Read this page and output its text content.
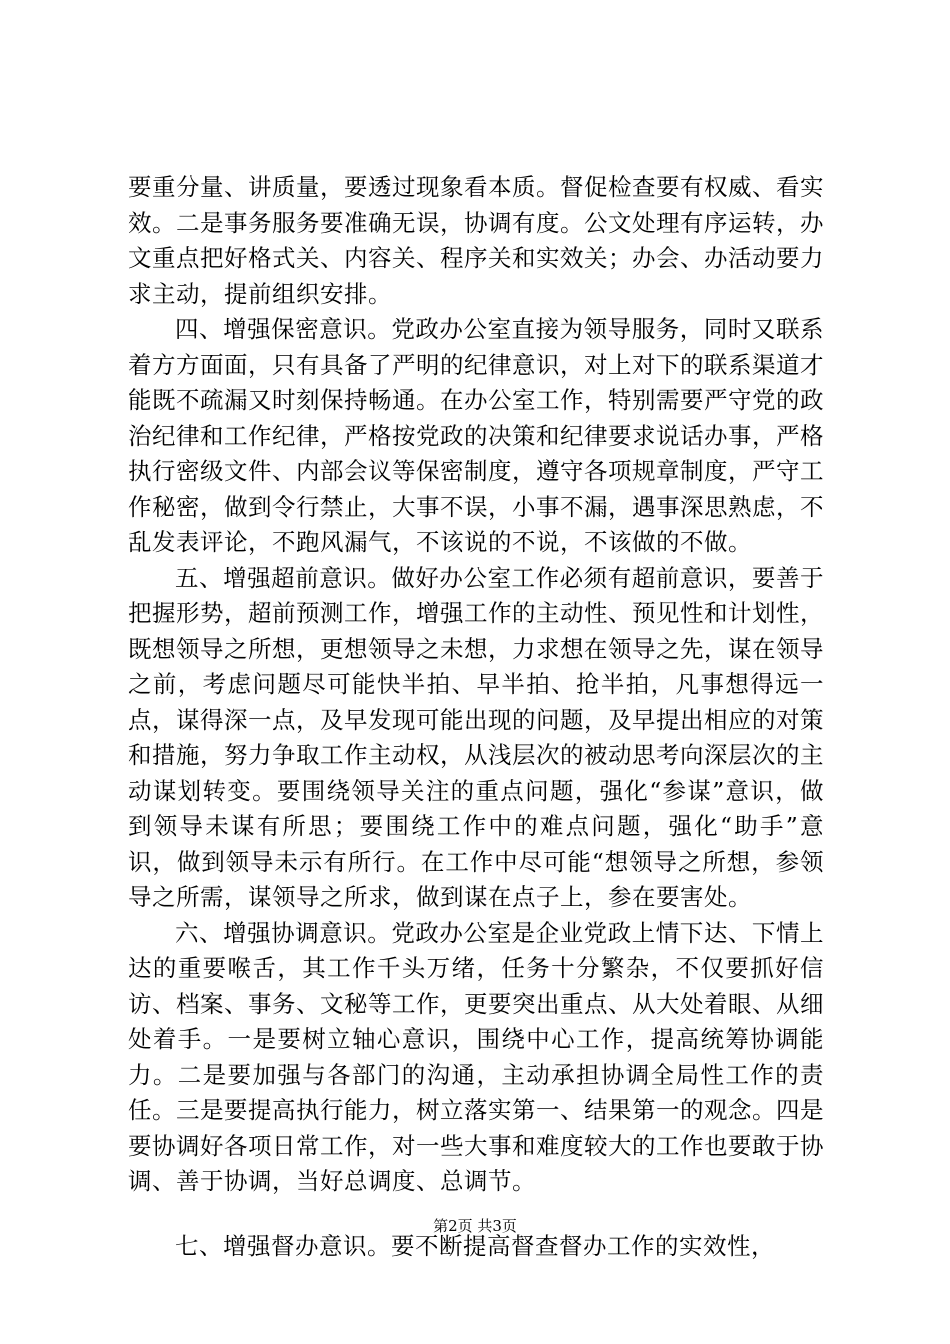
要重分量、讲质量，要透过现象看本质。督促检查要有权威、看实效。二是事务服务要准确无误，协调有度。公文处理有序运转，办文重点把好格式关、内容关、程序关和实效关；办会、办活动要力求主动，提前组织安排。

四、增强保密意识。党政办公室直接为领导服务，同时又联系着方方面面，只有具备了严明的纪律意识，对上对下的联系渠道才能既不疏漏又时刻保持畅通。在办公室工作，特别需要严守党的政治纪律和工作纪律，严格按党政的决策和纪律要求说话办事，严格执行密级文件、内部会议等保密制度，遵守各项规章制度，严守工作秘密，做到令行禁止，大事不误，小事不漏，遇事深思熟虑，不乱发表评论，不跑风漏气，不该说的不说，不该做的不做。

五、增强超前意识。做好办公室工作必须有超前意识，要善于把握形势，超前预测工作，增强工作的主动性、预见性和计划性，既想领导之所想，更想领导之未想，力求想在领导之先，谋在领导之前，考虑问题尽可能快半拍、早半拍、抢半拍，凡事想得远一点，谋得深一点，及早发现可能出现的问题，及早提出相应的对策和措施，努力争取工作主动权，从浅层次的被动思考向深层次的主动谋划转变。要围绕领导关注的重点问题，强化“参谋”意识，做到领导未谋有所思；要围绕工作中的难点问题，强化“助手”意识，做到领导未示有所行。在工作中尽可能“想领导之所想，参领导之所需，谋领导之所求，做到谋在点子上，参在要害处。

六、增强协调意识。党政办公室是企业党政上情下达、下情上达的重要喉舌，其工作千头万绪，任务十分繁杂，不仅要抓好信访、档案、事务、文秘等工作，更要突出重点、从大处着眼、从细处着手。一是要树立轴心意识，围绕中心工作，提高统筹协调能力。二是要加强与各部门的沟通，主动承担协调全局性工作的责任。三是要提高执行能力，树立落实第一、结果第一的观念。四是要协调好各项日常工作，对一些大事和难度较大的工作也要敢于协调、善于协调，当好总调度、总调节。

七、增强督办意识。要不断提高督查督办工作的实效性，

第2页 共3页
